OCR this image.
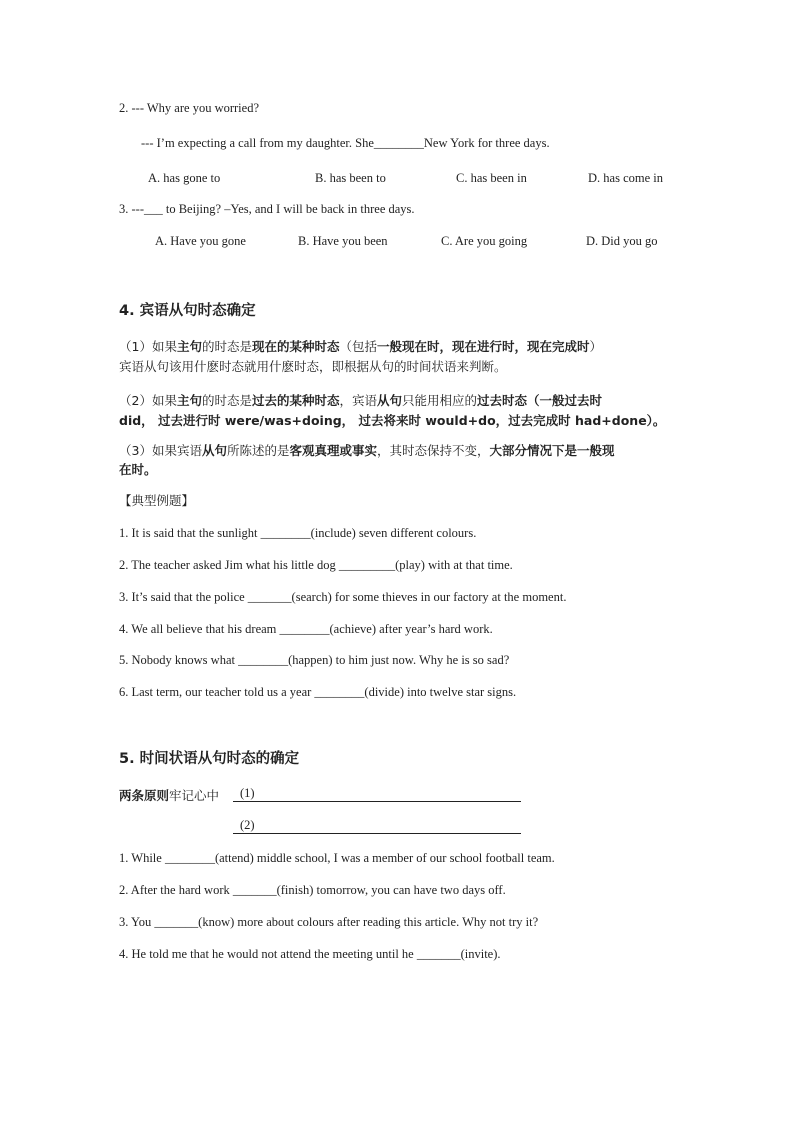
2. --- Why are you worried?
--- I’m expecting a call from my daughter. She________New York for three days.
A. has gone to	B. has been to	C. has been in	D. has come in
3. ---___ to Beijing? –Yes, and I will be back in three days.
A. Have you gone	B. Have you been	C. Are you going	D. Did you go
4. 宾语从句时态确定
（1）如果主句的时态是现在的某种时态（包括一般现在时，现在进行时，现在完成时）
宾语从句该用什麽时态就用什麽时态，即根据从句的时间状语来判断。
（2）如果主句的时态是过去的某种时态，宾语从句只能用相应的过去时态（一般过去时
did， 过去进行时 were/was+doing， 过去将来时 would+do，过去完成时 had+done）。
（3）如果宾语从句所陈述的是客观真理或事实，其时态保持不变，大部分情况下是一般现
在时。
【典型例题】
1. It is said that the sunlight ________(include) seven different colours.
2. The teacher asked Jim what his little dog _________(play) with at that time.
3. It’s said that the police _______(search) for some thieves in our factory at the moment.
4. We all believe that his dream ________(achieve) after year’s hard work.
5. Nobody knows what ________(happen) to him just now. Why he is so sad?
6. Last term, our teacher told us a year ________(divide) into twelve star signs.
5. 时间状语从句时态的确定
两条原则牢记心中 (1)
(2)
1. While ________(attend) middle school, I was a member of our school football team.
2. After the hard work _______(finish) tomorrow, you can have two days off.
3. You _______(know) more about colours after reading this article. Why not try it?
4. He told me that he would not attend the meeting until he _______(invite).
